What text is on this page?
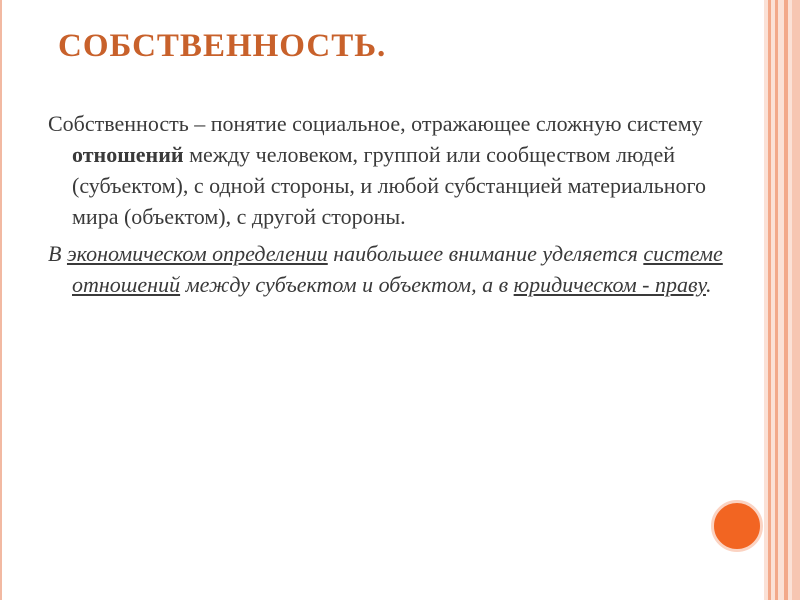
СОБСТВЕННОСТЬ.

Собственность – понятие социальное, отражающее сложную систему отношений между человеком, группой или сообществом людей (субъектом), с одной стороны, и любой субстанцией материального мира (объектом), с другой стороны.

В экономическом определении наибольшее внимание уделяется системе отношений между субъектом и объектом, а в юридическом - праву.
